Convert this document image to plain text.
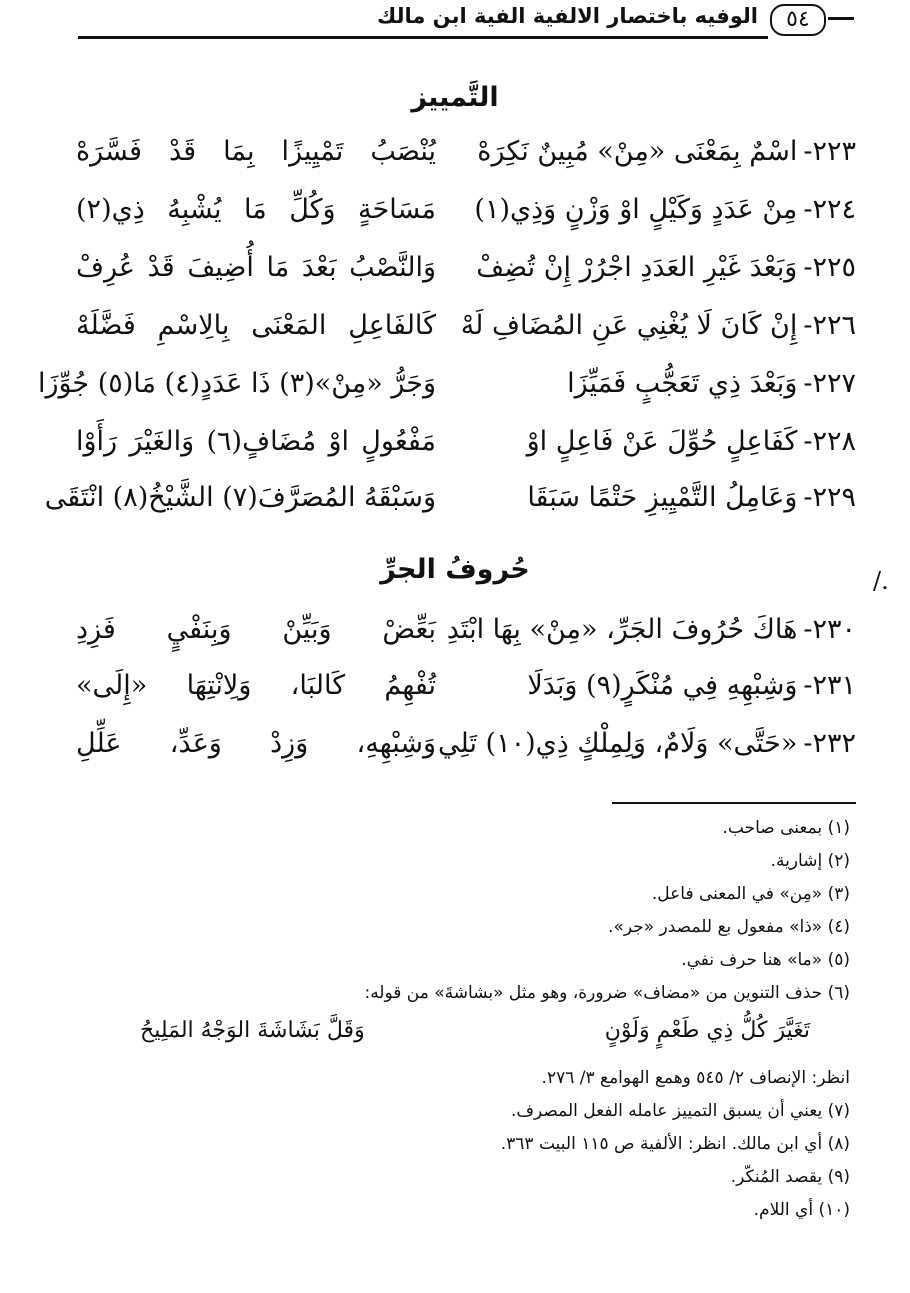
الوفيه باختصار الالفية الفية ابن مالك	٥٤
التَّمييز
٢٢٣-اسْمٌ بِمَعْنَى «مِنْ» مُبِينٌ نَكِرَهْ
يُنْصَبُ تَمْيِيزًا بِمَا قَدْ فَسَّرَهْ
٢٢٤-مِنْ عَدَدٍ وَكَيْلٍ اوْ وَزْنٍ وَذِي(١)
مَسَاحَةٍ وَكُلِّ مَا يُشْبِهُ ذِي(٢)
٢٢٥-وَبَعْدَ غَيْرِ العَدَدِ اجْرُرْ إِنْ تُضِفْ
وَالنَّصْبُ بَعْدَ مَا أُضِيفَ قَدْ عُرِفْ
٢٢٦-إِنْ كَانَ لَا يُغْنِي عَنِ المُضَافِ لَهْ
كَالفَاعِلِ المَعْنَى بِالِاسْمِ فَضَّلَهْ
٢٢٧-وَبَعْدَ ذِي تَعَجُّبٍ فَمَيِّزَا
وَجَرُّ «مِنْ»(٣) ذَا عَدَدٍ(٤) مَا(٥) جُوِّزَا
٢٢٨-كَفَاعِلٍ حُوِّلَ عَنْ فَاعِلٍ اوْ
مَفْعُولٍ اوْ مُضَافٍ(٦) وَالغَيْرَ رَأَوْا
٢٢٩-وَعَامِلُ التَّمْيِيزِ حَتْمًا سَبَقَا
وَسَبْقَهُ المُصَرَّفَ(٧) الشَّيْخُ(٨) انْتَقَى
حُروفُ الجرِّ	/.
٢٣٠-هَاكَ حُرُوفَ الجَرِّ، «مِنْ» بِهَا ابْتَدِ
بَعِّضْ وَبَيِّنْ وَبِنَفْيٍ فَزِدِ
٢٣١-وَشِبْهِهِ فِي مُنْكَرٍ(٩) وَبَدَلَا
تُفْهِمُ كَالبَا، وَلِانْتِهَا «إِلَى»
٢٣٢-«حَتَّى» وَلَامٌ، وَلِمِلْكٍ ذِي(١٠) تَلِي
وَشِبْهِهِ، وَزِدْ وَعَدِّ، عَلِّلِ
(١) بمعنى صاحب.
(٢) إشارية.
(٣) «مِن» في المعنى فاعل.
(٤) «ذا» مفعول بع للمصدر «جر».
(٥) «ما» هنا حرف نفي.
(٦) حذف التنوين من «مضاف» ضرورة، وهو مثل «بشاشةَ» من قوله:
تَغَيَّرَ كُلُّ ذِي طَعْمٍ وَلَوْنٍ
وَقَلَّ بَشَاشَةَ الوَجْهُ المَلِيحُ
انظر: الإنصاف ٢/ ٥٤٥ وهمع الهوامع ٣/ ٢٧٦.
(٧) يعني أن يسبق التمييز عامله الفعل المصرف.
(٨) أي ابن مالك. انظر: الألفية ص ١١٥ البيت ٣٦٣.
(٩) يقصد المُنكّر.
(١٠) أي اللام.
